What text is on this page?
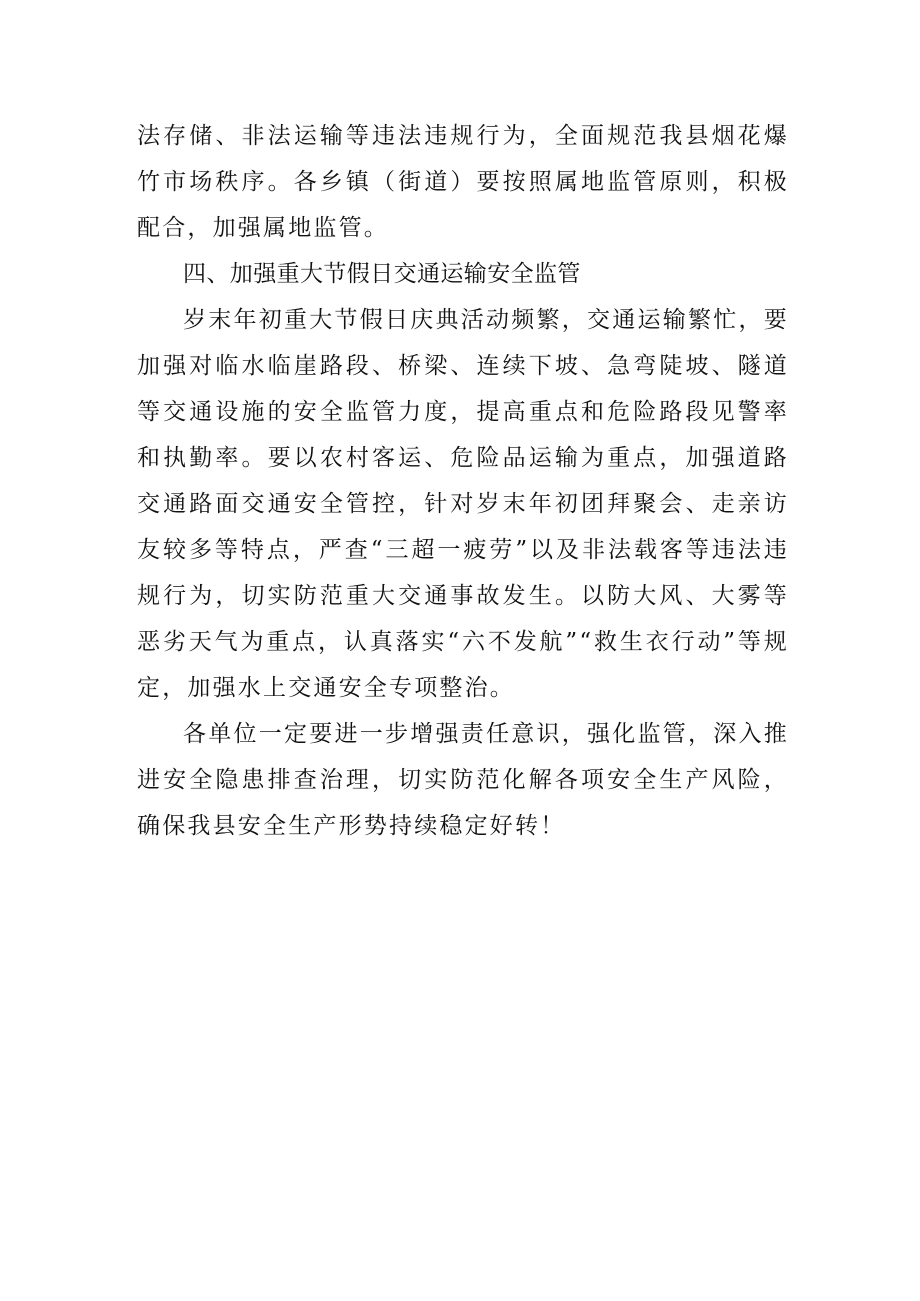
法存储、非法运输等违法违规行为，全面规范我县烟花爆竹市场秩序。各乡镇（街道）要按照属地监管原则，积极配合，加强属地监管。

四、加强重大节假日交通运输安全监管

岁末年初重大节假日庆典活动频繁，交通运输繁忙，要加强对临水临崖路段、桥梁、连续下坡、急弯陡坡、隧道等交通设施的安全监管力度，提高重点和危险路段见警率和执勤率。要以农村客运、危险品运输为重点，加强道路交通路面交通安全管控，针对岁末年初团拜聚会、走亲访友较多等特点，严查“三超一疲劳”以及非法载客等违法违规行为，切实防范重大交通事故发生。以防大风、大雾等恶劣天气为重点，认真落实“六不发航”“救生衣行动”等规定，加强水上交通安全专项整治。

各单位一定要进一步增强责任意识，强化监管，深入推进安全隐患排查治理，切实防范化解各项安全生产风险，确保我县安全生产形势持续稳定好转！
